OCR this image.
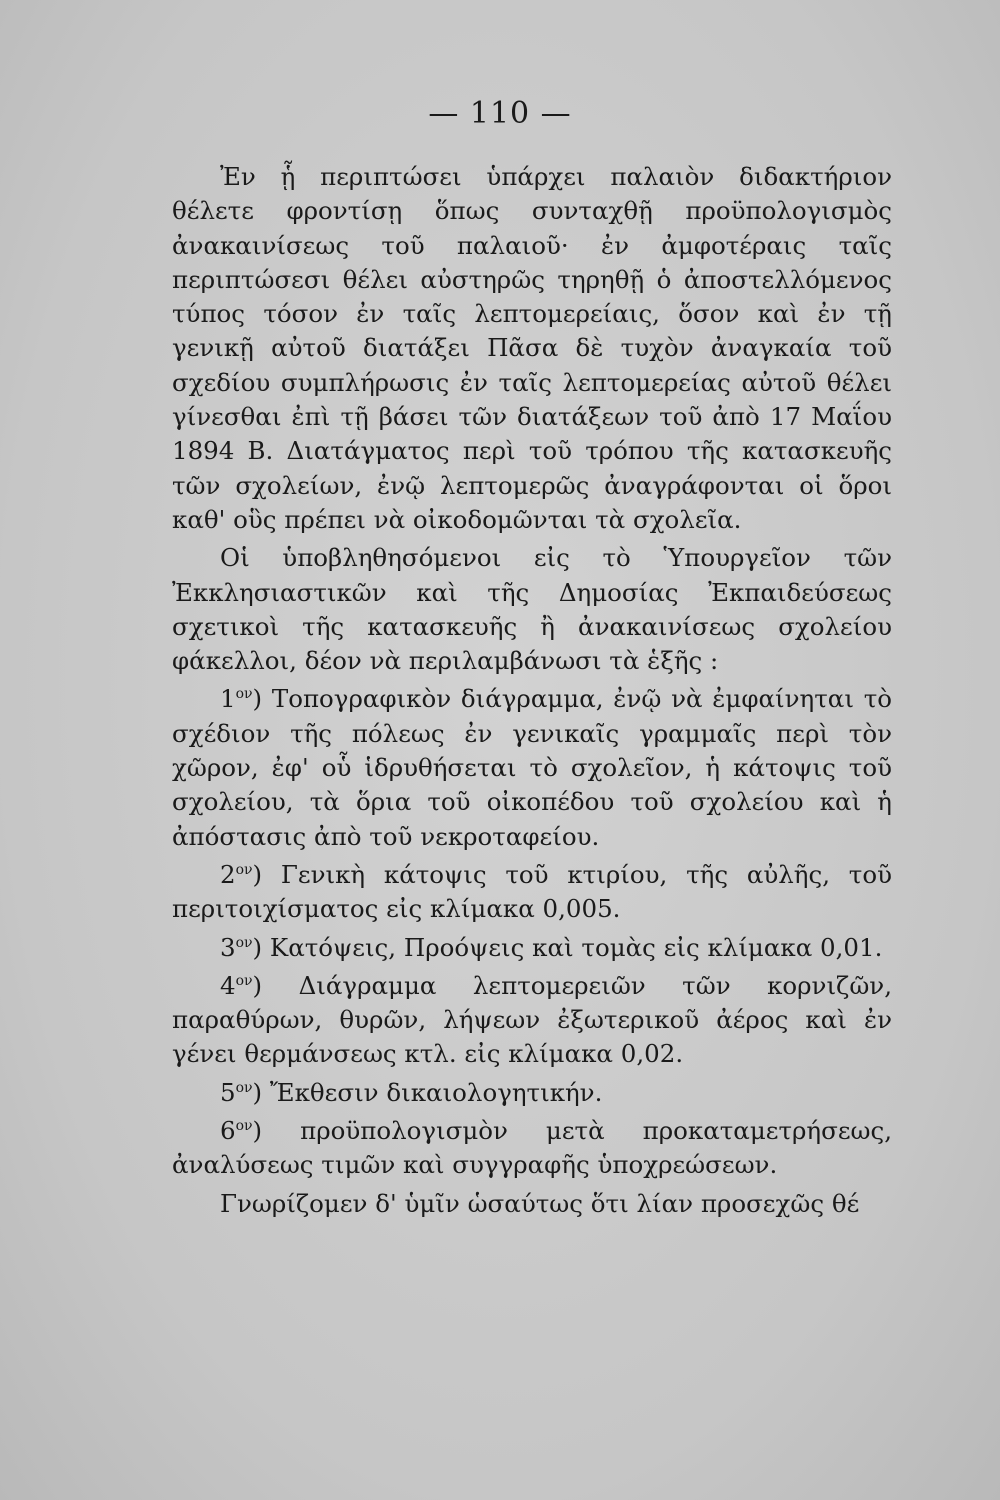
— 110 —

Ἐν ᾗ περιπτώσει ὑπάρχει παλαιὸν διδακτήριον θέλετε φροντίσῃ ὅπως συνταχθῇ προϋπολογισμὸς ἀνακαινίσεως τοῦ παλαιοῦ· ἐν ἀμφοτέραις ταῖς περιπτώσεσι θέλει αὐστηρῶς τηρηθῇ ὁ ἀποστελλόμενος τύπος τόσον ἐν ταῖς λεπτομερείαις, ὅσον καὶ ἐν τῇ γενικῇ αὐτοῦ διατάξει Πᾶσα δὲ τυχὸν ἀναγκαία τοῦ σχεδίου συμπλήρωσις ἐν ταῖς λεπτομερείας αὐτοῦ θέλει γίνεσθαι ἐπὶ τῇ βάσει τῶν διατάξεων τοῦ ἀπὸ 17 Μαΐου 1894 Β. Διατάγματος περὶ τοῦ τρόπου τῆς κατασκευῆς τῶν σχολείων, ἐνῷ λεπτομερῶς ἀναγράφονται οἱ ὅροι καθ' οὓς πρέπει νὰ οἰκοδομῶνται τὰ σχολεῖα.

Οἱ ὑποβληθησόμενοι εἰς τὸ Ὑπουργεῖον τῶν Ἐκκλησιαστικῶν καὶ τῆς Δημοσίας Ἐκπαιδεύσεως σχετικοὶ τῆς κατασκευῆς ἢ ἀνακαινίσεως σχολείου φάκελλοι, δέον νὰ περιλαμβάνωσι τὰ ἑξῆς :

$1^{o\nu}$) Τοπογραφικὸν διάγραμμα, ἐνῷ νὰ ἐμφαίνηται τὸ σχέδιον τῆς πόλεως ἐν γενικαῖς γραμμαῖς περὶ τὸν χῶρον, ἐφ' οὗ ἱδρυθήσεται τὸ σχολεῖον, ἡ κάτοψις τοῦ σχολείου, τὰ ὅρια τοῦ οἰκοπέδου τοῦ σχολείου καὶ ἡ ἀπόστασις ἀπὸ τοῦ νεκροταφείου.

$2^{o\nu}$) Γενικὴ κάτοψις τοῦ κτιρίου, τῆς αὐλῆς, τοῦ περιτοιχίσματος εἰς κλίμακα 0,005.

$3^{o\nu}$) Κατόψεις, Προόψεις καὶ τομὰς εἰς κλίμακα 0,01.

$4^{o\nu}$) Διάγραμμα λεπτομερειῶν τῶν κορνιζῶν, παραθύρων, θυρῶν, λήψεων ἐξωτερικοῦ ἀέρος καὶ ἐν γένει θερμάνσεως κτλ. εἰς κλίμακα 0,02.

$5^{o\nu}$) Ἔκθεσιν δικαιολογητικήν.

$6^{o\nu}$) προϋπολογισμὸν μετὰ προκαταμετρήσεως, ἀναλύσεως τιμῶν καὶ συγγραφῆς ὑποχρεώσεων.

Γνωρίζομεν δ' ὑμῖν ὡσαύτως ὅτι λίαν προσεχῶς θέ
